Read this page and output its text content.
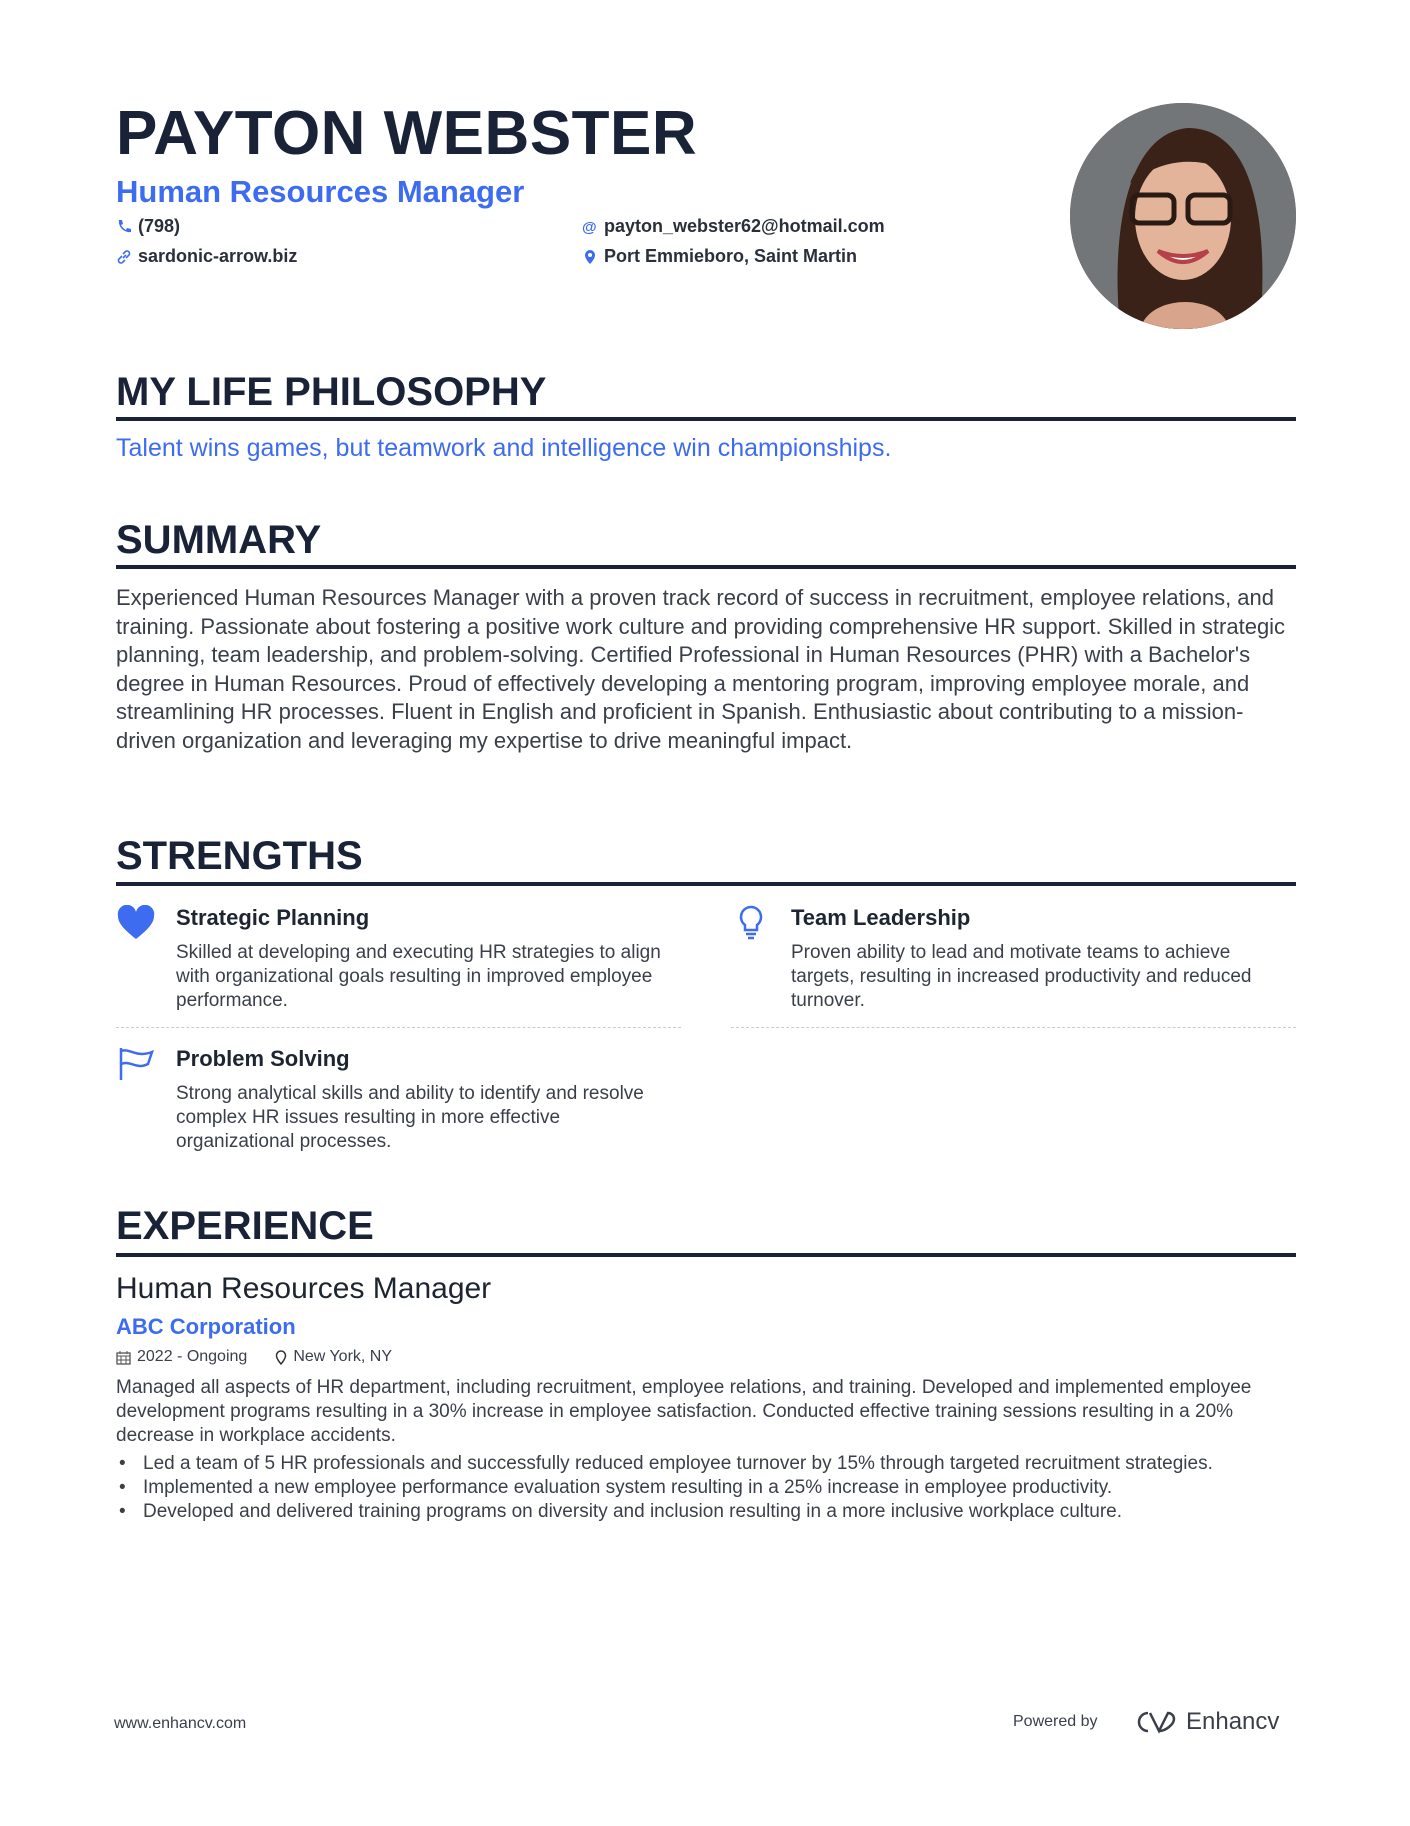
PAYTON WEBSTER
Human Resources Manager
(798)
sardonic-arrow.biz
@ payton_webster62@hotmail.com
Port Emmieboro, Saint Martin
MY LIFE PHILOSOPHY
Talent wins games, but teamwork and intelligence win championships.
SUMMARY
Experienced Human Resources Manager with a proven track record of success in recruitment, employee relations, and training. Passionate about fostering a positive work culture and providing comprehensive HR support. Skilled in strategic planning, team leadership, and problem-solving. Certified Professional in Human Resources (PHR) with a Bachelor's degree in Human Resources. Proud of effectively developing a mentoring program, improving employee morale, and streamlining HR processes. Fluent in English and proficient in Spanish. Enthusiastic about contributing to a mission-driven organization and leveraging my expertise to drive meaningful impact.
STRENGTHS
Strategic Planning
Skilled at developing and executing HR strategies to align with organizational goals resulting in improved employee performance.
Team Leadership
Proven ability to lead and motivate teams to achieve targets, resulting in increased productivity and reduced turnover.
Problem Solving
Strong analytical skills and ability to identify and resolve complex HR issues resulting in more effective organizational processes.
EXPERIENCE
Human Resources Manager
ABC Corporation
2022 - Ongoing	New York, NY
Managed all aspects of HR department, including recruitment, employee relations, and training. Developed and implemented employee development programs resulting in a 30% increase in employee satisfaction. Conducted effective training sessions resulting in a 20% decrease in workplace accidents.
• Led a team of 5 HR professionals and successfully reduced employee turnover by 15% through targeted recruitment strategies.
• Implemented a new employee performance evaluation system resulting in a 25% increase in employee productivity.
• Developed and delivered training programs on diversity and inclusion resulting in a more inclusive workplace culture.
www.enhancv.com	Powered by	Enhancv
